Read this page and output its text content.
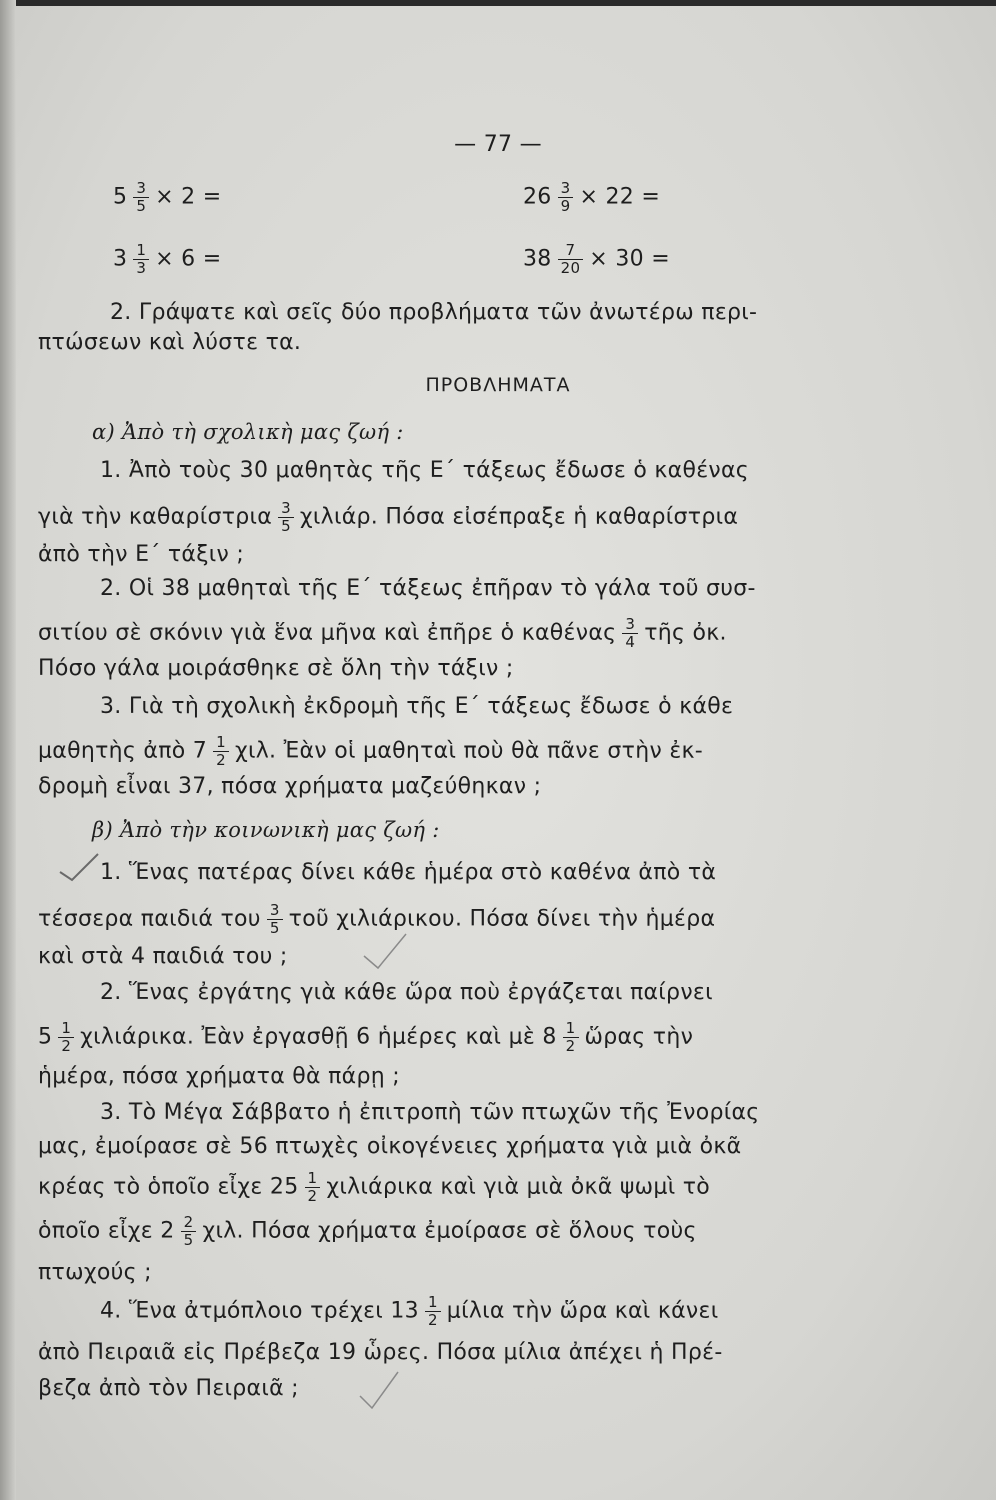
— 77 —
$5 \frac{3}{5} \times 2$ =	$26 \frac{3}{9} \times 22$ =
$3 \frac{1}{3} \times 6$ =	$38 \frac{7}{20} \times 30$ =
2. Γράψατε καὶ σεῖς δύο προβλήματα τῶν ἀνωτέρω περι-
πτώσεων καὶ λύστε τα.
ΠΡΟΒΛΗΜΑΤΑ
α) Ἀπὸ τὴ σχολικὴ μας ζωή :
1. Ἀπὸ τοὺς 30 μαθητὰς τῆς Ε΄ τάξεως ἔδωσε ὁ καθένας
γιὰ τὴν καθαρίστρια $\frac{3}{5} \chi\iota\lambda\iota ά\rho$. Πόσα εἰσέπραξε ἡ καθαρίστρια
ἀπὸ τὴν Ε΄ τάξιν ;
2. Οἱ 38 μαθηταὶ τῆς Ε΄ τάξεως ἐπῆραν τὸ γάλα τοῦ συσ-
σιτίου σὲ σκόνιν γιὰ ἕνα μῆνα καὶ ἐπῆρε ὁ καθένας $\frac{3}{4}$ τῆς ὀκ.
Πόσο γάλα μοιράσθηκε σὲ ὅλη τὴν τάξιν ;
3. Γιὰ τὴ σχολικὴ ἐκδρομὴ τῆς Ε΄ τάξεως ἔδωσε ὁ κάθε
μαθητὴς ἀπὸ $7 \frac{1}{2} \chi\iota\lambda$. Ἐὰν οἱ μαθηταὶ ποὺ θὰ πᾶνε στὴν ἐκ-
δρομὴ εἶναι 37, πόσα χρήματα μαζεύθηκαν ;
β) Ἀπὸ τὴν κοινωνικὴ μας ζωή :
1. Ἕνας πατέρας δίνει κάθε ἡμέρα στὸ καθένα ἀπὸ τὰ
τέσσερα παιδιά του $\frac{3}{5}$ τοῦ χιλιάρικου. Πόσα δίνει τὴν ἡμέρα
καὶ στὰ 4 παιδιά του ;
2. Ἕνας ἐργάτης γιὰ κάθε ὥρα ποὺ ἐργάζεται παίρνει
$5 \frac{1}{2} \chi\iota\lambda\iota ά\rho\iota\kappa\alpha$. Ἐὰν ἐργασθῇ 6 ἡμέρες καὶ μὲ $8 \frac{1}{2}$ ὥρας τὴν
ἡμέρα, πόσα χρήματα θὰ πάρῃ ;
3. Τὸ Μέγα Σάββατο ἡ ἐπιτροπὴ τῶν πτωχῶν τῆς Ἐνορίας
μας, ἐμοίρασε σὲ 56 πτωχὲς οἰκογένειες χρήματα γιὰ μιὰ ὀκᾶ
κρέας τὸ ὁποῖο εἶχε $25 \frac{1}{2}$ χιλιάρικα καὶ γιὰ μιὰ ὀκᾶ ψωμὶ τὸ
ὁποῖο εἶχε $2 \frac{2}{5} \chi\iota\lambda$. Πόσα χρήματα ἐμοίρασε σὲ ὅλους τοὺς
πτωχούς ;
4. Ἕνα ἀτμόπλοιο τρέχει $13 \frac{1}{2}$ μίλια τὴν ὥρα καὶ κάνει
ἀπὸ Πειραιᾶ εἰς Πρέβεζα 19 ὧρες. Πόσα μίλια ἀπέχει ἡ Πρέ-
βεζα ἀπὸ τὸν Πειραιᾶ ;
